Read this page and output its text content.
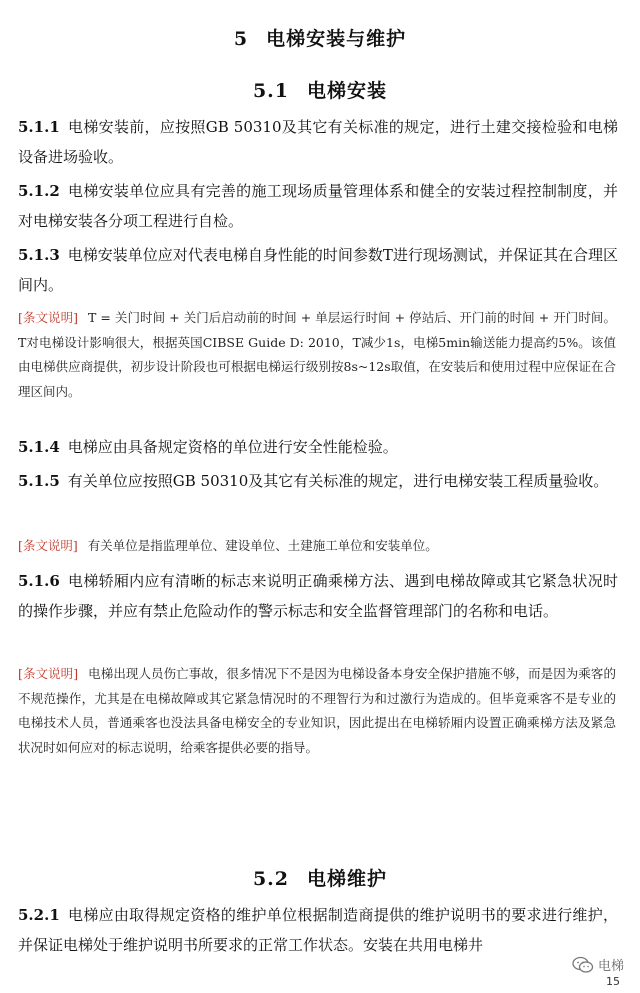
5 电梯安装与维护
5.1 电梯安装
5.1.1 电梯安装前，应按照GB 50310及其它有关标准的规定，进行土建交接检验和电梯设备进场验收。
5.1.2 电梯安装单位应具有完善的施工现场质量管理体系和健全的安装过程控制制度，并对电梯安装各分项工程进行自检。
5.1.3 电梯安装单位应对代表电梯自身性能的时间参数T进行现场测试，并保证其在合理区间内。
[条文说明] T = 关门时间 + 关门后启动前的时间 + 单层运行时间 + 停站后、开门前的时间 + 开门时间。T对电梯设计影响很大，根据英国CIBSE Guide D: 2010，T减少1s，电梯5min输送能力提高约5%。该值由电梯供应商提供，初步设计阶段也可根据电梯运行级别按8s~12s取值，在安装后和使用过程中应保证在合理区间内。
5.1.4 电梯应由具备规定资格的单位进行安全性能检验。
5.1.5 有关单位应按照GB 50310及其它有关标准的规定，进行电梯安装工程质量验收。
[条文说明] 有关单位是指监理单位、建设单位、土建施工单位和安装单位。
5.1.6 电梯轿厢内应有清晰的标志来说明正确乘梯方法、遇到电梯故障或其它紧急状况时的操作步骤，并应有禁止危险动作的警示标志和安全监督管理部门的名称和电话。
[条文说明] 电梯出现人员伤亡事故，很多情况下不是因为电梯设备本身安全保护措施不够，而是因为乘客的不规范操作，尤其是在电梯故障或其它紧急情况时的不理智行为和过激行为造成的。但毕竟乘客不是专业的电梯技术人员，普通乘客也没法具备电梯安全的专业知识，因此提出在电梯轿厢内设置正确乘梯方法及紧急状况时如何应对的标志说明，给乘客提供必要的指导。
5.2 电梯维护
5.2.1 电梯应由取得规定资格的维护单位根据制造商提供的维护说明书的要求进行维护，并保证电梯处于维护说明书所要求的正常工作状态。安装在共用电梯井
电梯
15
